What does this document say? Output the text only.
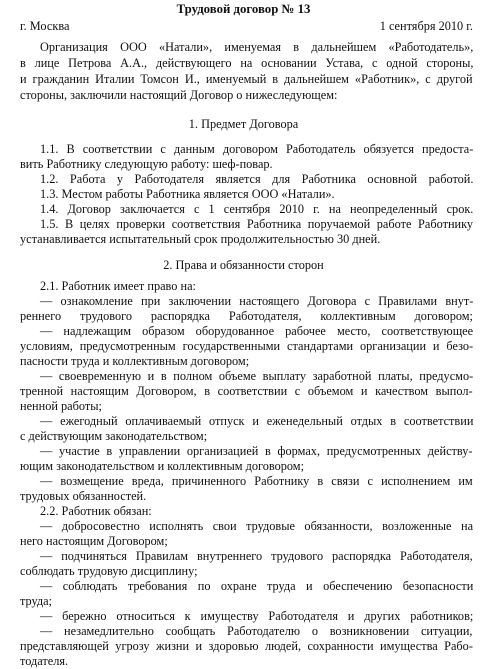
Трудовой договор № 13
г. Москва	1 сентября 2010 г.
Организация ООО «Натали», именуемая в дальнейшем «Работодатель»,
в лице Петрова А.А., действующего на основании Устава, с одной стороны,
и гражданин Италии Томсон И., именуемый в дальнейшем «Работник», с другой
стороны, заключили настоящий Договор о нижеследующем:
1. Предмет Договора
1.1. В соответствии с данным договором Работодатель обязуется предоста-
вить Работнику следующую работу: шеф-повар.
1.2. Работа у Работодателя является для Работника основной работой.
1.3. Местом работы Работника является ООО «Натали».
1.4. Договор заключается с 1 сентября 2010 г. на неопределенный срок.
1.5. В целях проверки соответствия Работника поручаемой работе Работнику
устанавливается испытательный срок продолжительностью 30 дней.
2. Права и обязанности сторон
2.1. Работник имеет право на:
— ознакомление при заключении настоящего Договора с Правилами внут-
реннего трудового распорядка Работодателя, коллективным договором;
— надлежащим образом оборудованное рабочее место, соответствующее
условиям, предусмотренным государственными стандартами организации и безо-
пасности труда и коллективным договором;
— своевременную и в полном объеме выплату заработной платы, предусмо-
тренной настоящим Договором, в соответствии с объемом и качеством выпол-
ненной работы;
— ежегодный оплачиваемый отпуск и еженедельный отдых в соответствии
с действующим законодательством;
— участие в управлении организацией в формах, предусмотренных действу-
ющим законодательством и коллективным договором;
— возмещение вреда, причиненного Работнику в связи с исполнением им
трудовых обязанностей.
2.2. Работник обязан:
— добросовестно исполнять свои трудовые обязанности, возложенные на
него настоящим Договором;
— подчиняться Правилам внутреннего трудового распорядка Работодателя,
соблюдать трудовую дисциплину;
— соблюдать требования по охране труда и обеспечению безопасности
труда;
— бережно относиться к имуществу Работодателя и других работников;
— незамедлительно сообщать Работодателю о возникновении ситуации,
представляющей угрозу жизни и здоровью людей, сохранности имущества Рабо-
тодателя.
